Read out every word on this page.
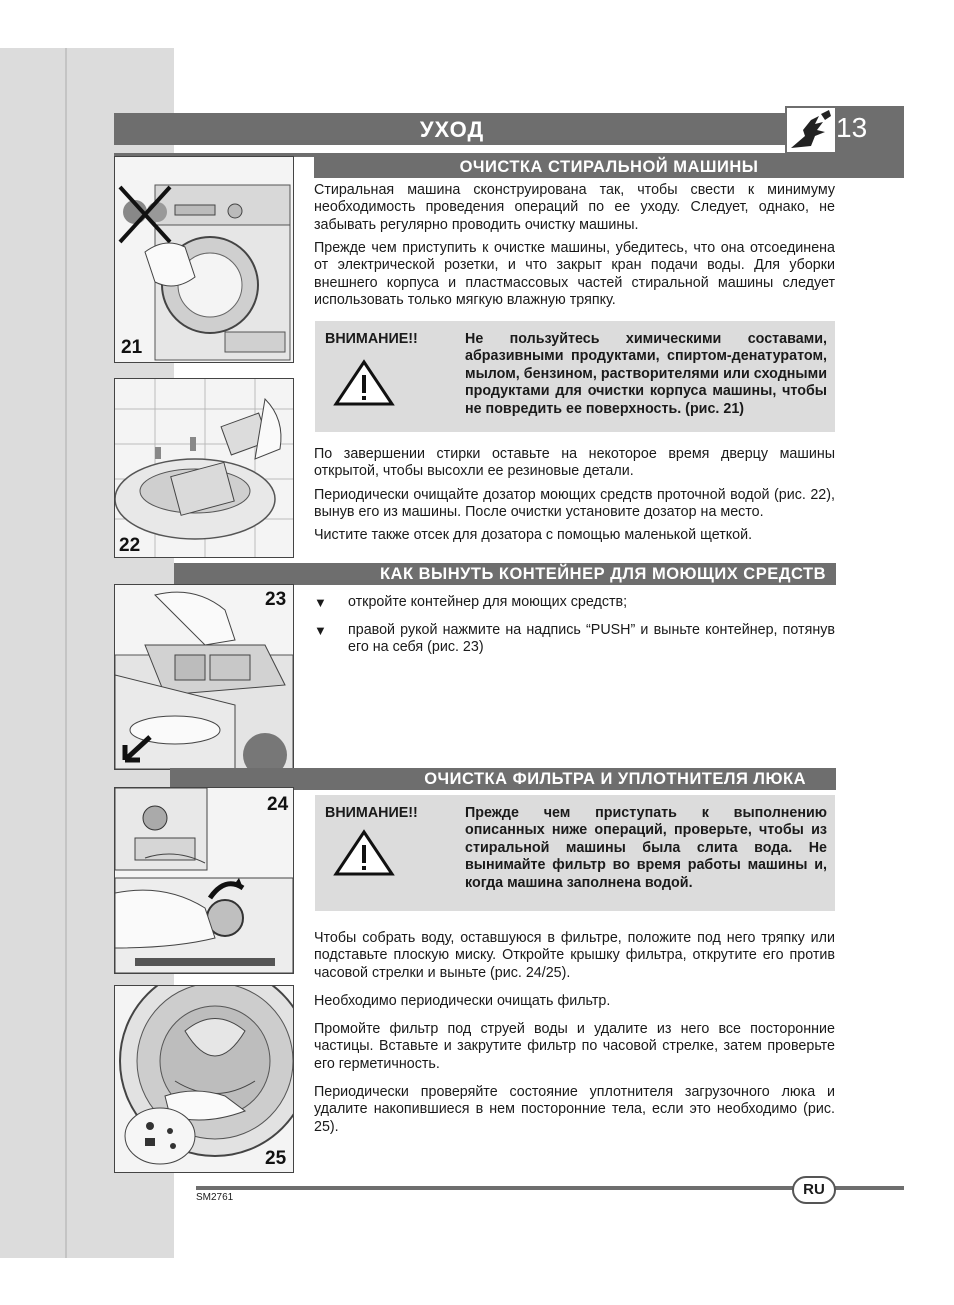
УХОД	13
ОЧИСТКА СТИРАЛЬНОЙ МАШИНЫ
21
Стиральная машина сконструирована так, чтобы свести к минимуму необходимость проведения операций по ее уходу. Следует, однако, не забывать регулярно проводить очистку машины.
Прежде чем приступить к очистке машины, убедитесь, что она отсоединена от электрической розетки, и что закрыт кран подачи воды. Для уборки внешнего корпуса и пластмассовых частей стиральной машины следует использовать только мягкую влажную тряпку.
ВНИМАНИЕ!!	Не пользуйтесь химическими составами, абразивными продуктами, спиртом-денатуратом, мылом, бензином, растворителями или сходными продуктами для очистки корпуса машины, чтобы не повредить ее поверхность. (рис. 21)
22
По завершении стирки оставьте на некоторое время дверцу машины открытой, чтобы высохли ее резиновые детали.
Периодически очищайте дозатор моющих средств проточной водой (рис. 22), вынув его из машины. После очистки установите дозатор на место.
Чистите также отсек для дозатора с помощью маленькой щеткой.
КАК ВЫНУТЬ КОНТЕЙНЕР ДЛЯ МОЮЩИХ СРЕДСТВ
23 ▼ откройте контейнер для моющих средств;
▼ правой рукой нажмите на надпись “PUSH” и выньте контейнер, потянув его на себя (рис. 23)
ОЧИСТКА ФИЛЬТРА И УПЛОТНИТЕЛЯ ЛЮКА
24	ВНИМАНИЕ!!	Прежде чем приступать к выполнению описанных ниже операций, проверьте, чтобы из стиральной машины была слита вода. Не вынимайте фильтр во время работы машины и, когда машина заполнена водой.
Чтобы собрать воду, оставшуюся в фильтре, положите под него тряпку или подставьте плоскую миску. Откройте крышку фильтра, открутите его против часовой стрелки и выньте (рис. 24/25).
Необходимо периодически очищать фильтр.
Промойте фильтр под струей воды и удалите из него все посторонние частицы. Вставьте и закрутите фильтр по часовой стрелке, затем проверьте его герметичность.
Периодически проверяйте состояние уплотнителя загрузочного люка и удалите накопившиеся в нем посторонние тела, если это необходимо (рис. 25).
25
RU
SM2761
